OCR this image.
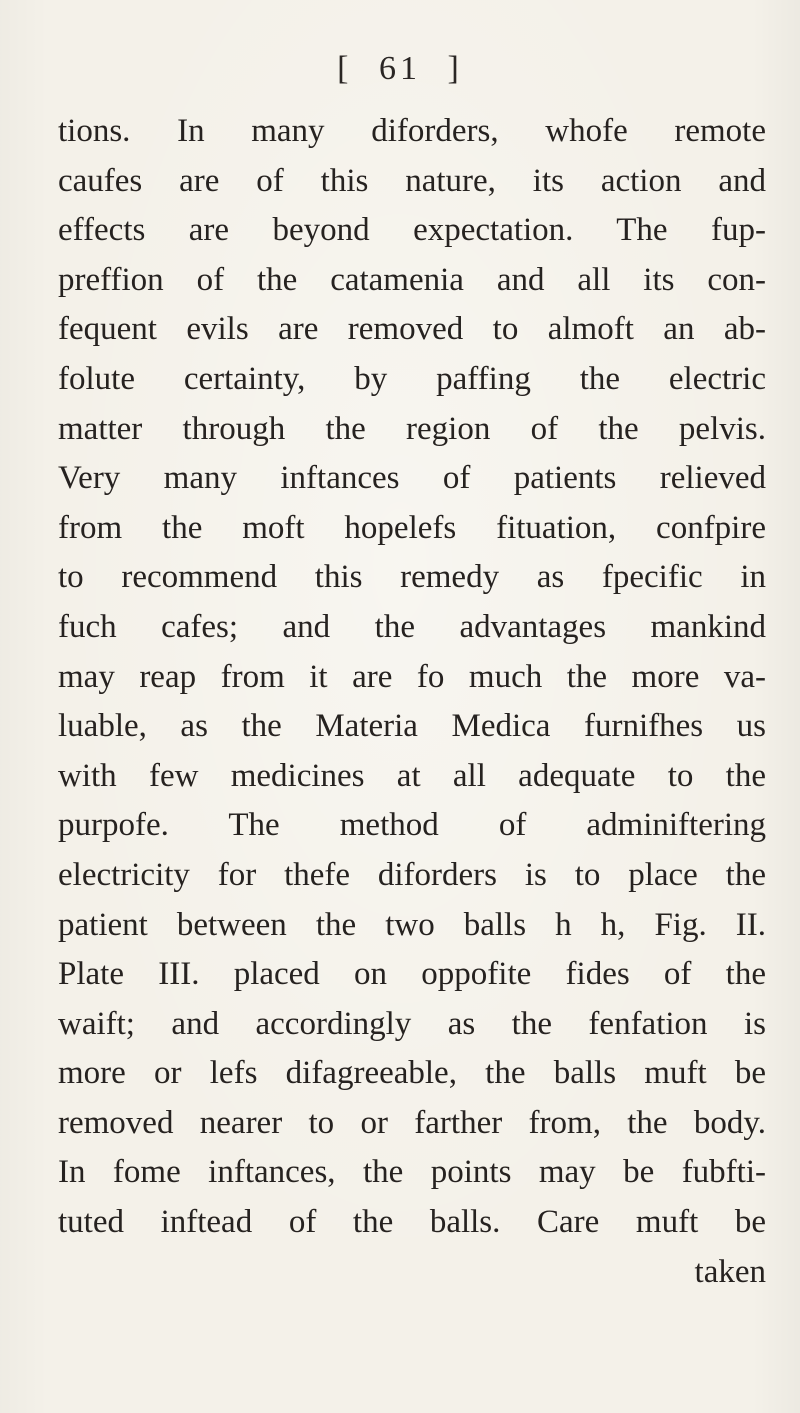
[ 61 ]
tions. In many diforders, whofe remote
caufes are of this nature, its action and
effects are beyond expectation. The fup-
preffion of the catamenia and all its con-
fequent evils are removed to almoft an ab-
folute certainty, by paffing the electric
matter through the region of the pelvis.
Very many inftances of patients relieved
from the moft hopelefs fituation, confpire
to recommend this remedy as fpecific in
fuch cafes; and the advantages mankind
may reap from it are fo much the more va-
luable, as the Materia Medica furnifhes us
with few medicines at all adequate to the
purpofe. The method of adminiftering
electricity for thefe diforders is to place the
patient between the two balls h h, Fig. II.
Plate III. placed on oppofite fides of the
waift; and accordingly as the fenfation is
more or lefs difagreeable, the balls muft be
removed nearer to or farther from, the body.
In fome inftances, the points may be fubfti-
tuted inftead of the balls. Care muft be
taken
